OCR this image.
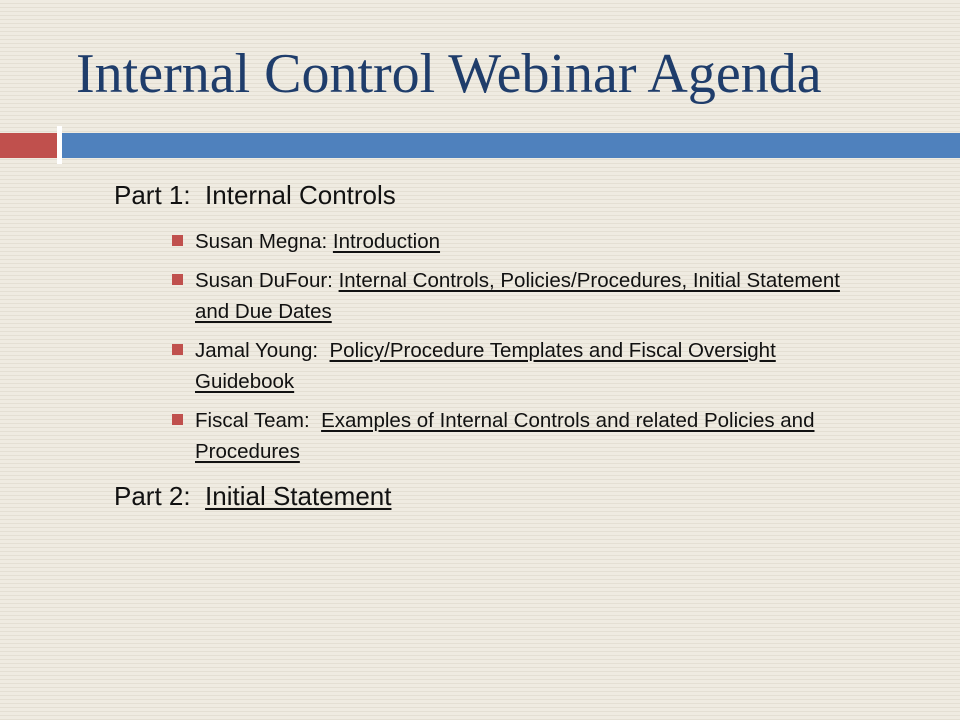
Internal Control Webinar Agenda

Part 1:  Internal Controls

Susan Megna: Introduction
Susan DuFour: Internal Controls, Policies/Procedures, Initial Statement and Due Dates
Jamal Young:  Policy/Procedure Templates and Fiscal Oversight Guidebook
Fiscal Team:  Examples of Internal Controls and related Policies and Procedures

Part 2:  Initial Statement
